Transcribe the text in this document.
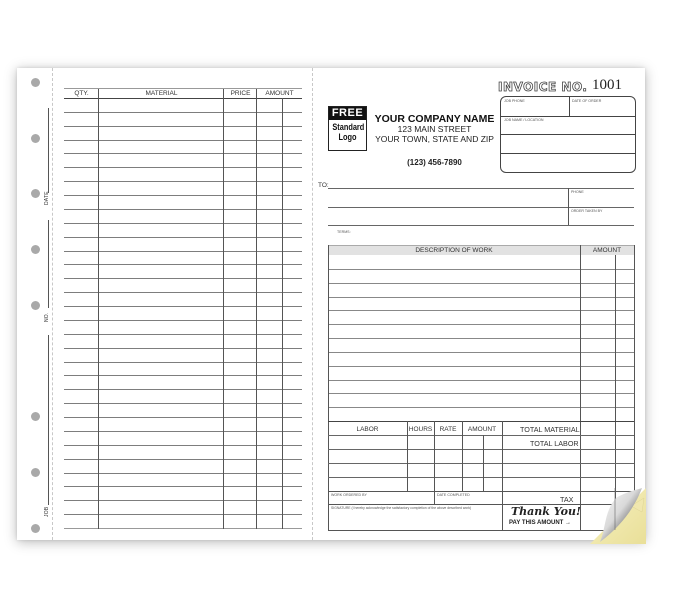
DATE
NO.
JOB
QTY.	MATERIAL	PRICE	AMOUNT
FREE
Standard
Logo
YOUR COMPANY NAME
123 MAIN STREET
YOUR TOWN, STATE AND ZIP
(123) 456-7890
INVOICE NO. 1001
JOB PHONE	DATE OF ORDER
JOB NAME / LOCATION
TO:
PHONE
ORDER TAKEN BY
TERMS:
DESCRIPTION OF WORK	AMOUNT
LABOR	HOURS	RATE	AMOUNT	TOTAL MATERIAL
TOTAL LABOR
WORK ORDERED BY	DATE COMPLETED	TAX
SIGNATURE (I hereby acknowledge the satisfactory completion of the above described work)	Thank You!
PAY THIS AMOUNT →
